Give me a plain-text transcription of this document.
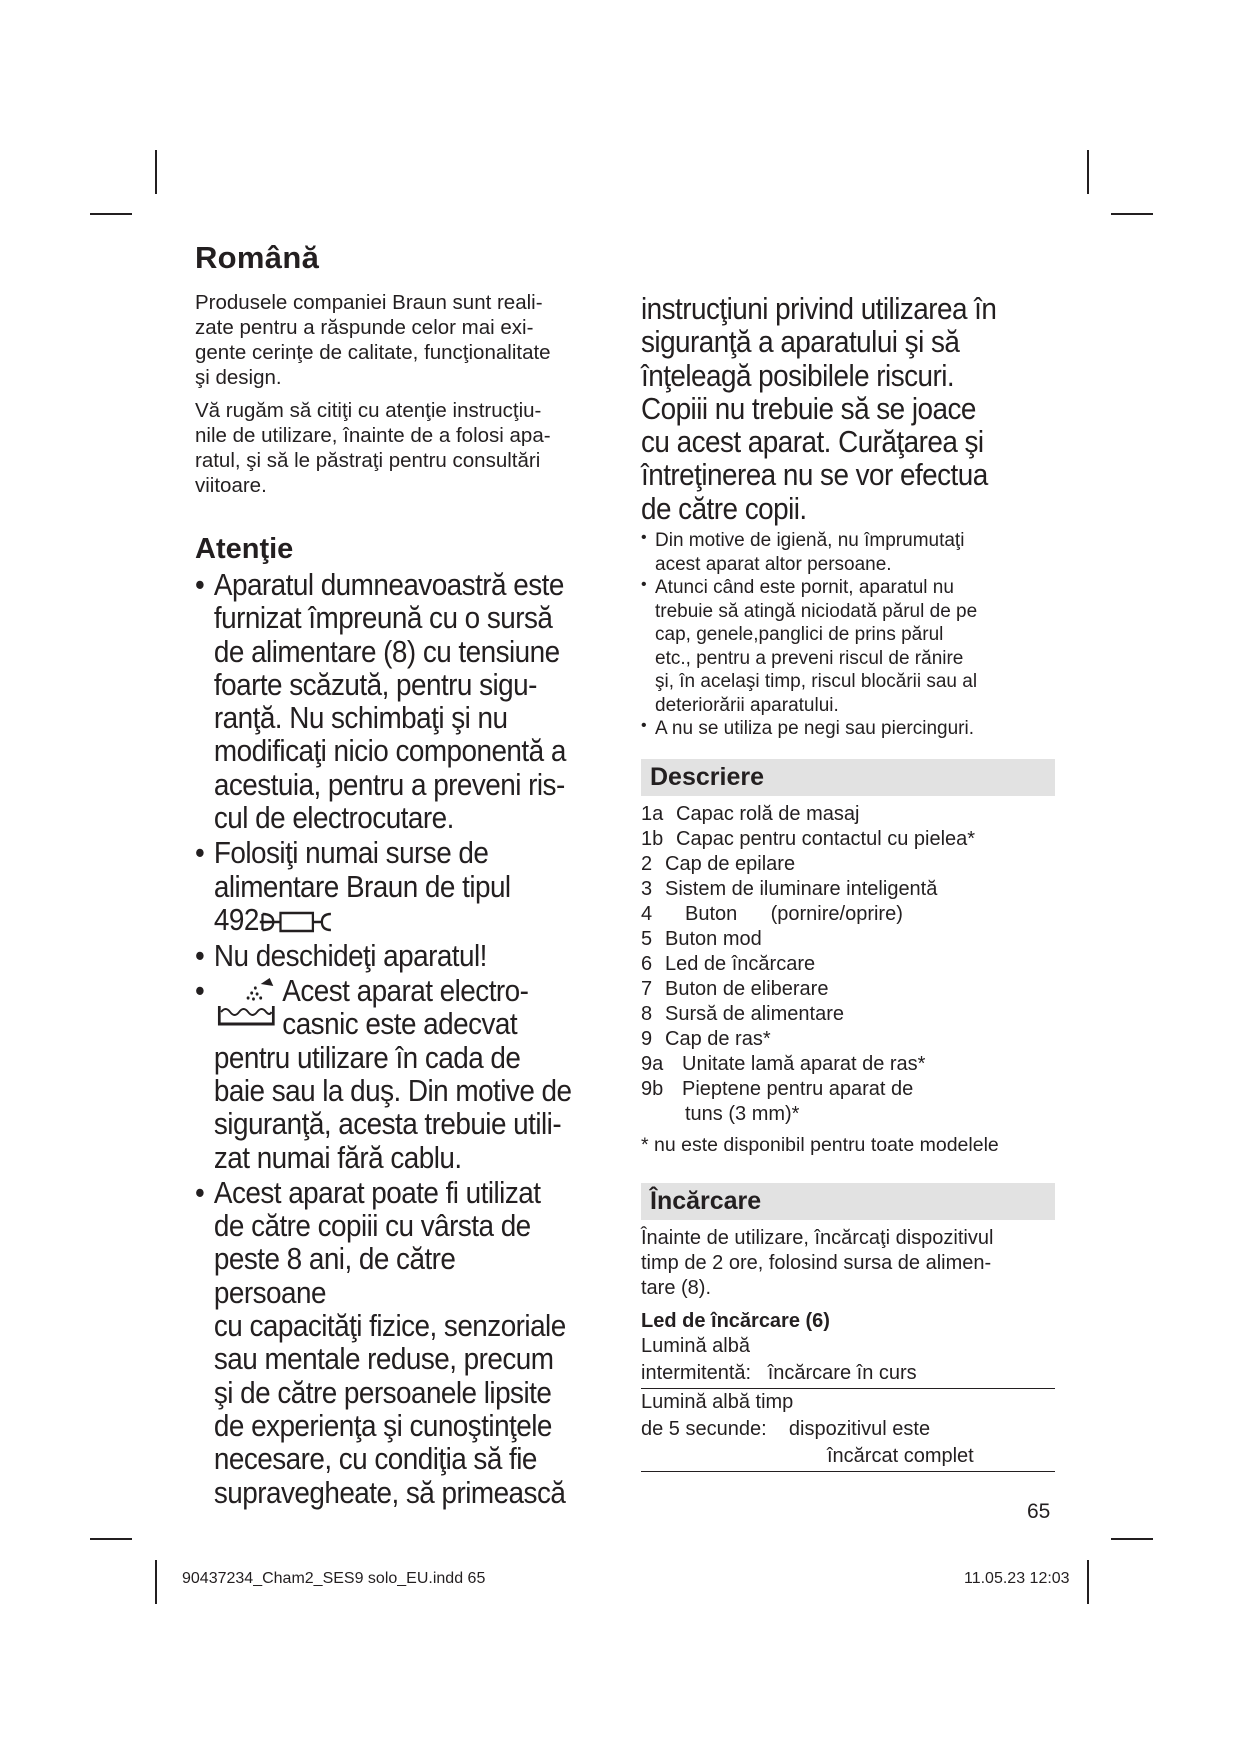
Română

Produsele companiei Braun sunt reali-
zate pentru a răspunde celor mai exi-
gente cerinţe de calitate, funcţionalitate
şi design.

Vă rugăm să citiţi cu atenţie instrucţiu-
nile de utilizare, înainte de a folosi apa-
ratul, şi să le păstraţi pentru consultări
viitoare.

Atenţie
• Aparatul dumneavoastră este
furnizat împreună cu o sursă
de alimentare (8) cu tensiune
foarte scăzută, pentru sigu-
ranţă. Nu schimbaţi şi nu
modificaţi nicio componentă a
acestuia, pentru a preveni ris-
cul de electrocutare.
• Folosiţi numai surse de
alimentare Braun de tipul
492
• Nu deschideţi aparatul!
•	Acest aparat electro-
casnic este adecvat
pentru utilizare în cada de
baie sau la duş. Din motive de
siguranţă, acesta trebuie utili-
zat numai fără cablu.
• Acest aparat poate fi utilizat
de către copiii cu vârsta de
peste 8 ani, de către persoane
cu capacităţi fizice, senzoriale
sau mentale reduse, precum
şi de către persoanele lipsite
de experienţa şi cunoştinţele
necesare, cu condiţia să fie
supravegheate, să primească
instrucţiuni privind utilizarea în
siguranţă a aparatului şi să
înţeleagă posibilele riscuri.
Copiii nu trebuie să se joace
cu acest aparat. Curăţarea şi
întreţinerea nu se vor efectua
de către copii.
• Din motive de igienă, nu împrumutaţi
acest aparat altor persoane.

• Atunci când este pornit, aparatul nu
trebuie să atingă niciodată părul de pe
cap, genele,panglici de prins părul
etc., pentru a preveni riscul de rănire
şi, în acelaşi timp, riscul blocării sau al
deteriorării aparatului.

• A nu se utiliza pe negi sau piercinguri.

Descriere
1a Capac rolă de masaj
1b Capac pentru contactul cu pielea*
2 Cap de epilare
3 Sistem de iluminare inteligentă
4	Buton      (pornire/oprire)
5 Buton mod
6 Led de încărcare
7 Buton de eliberare
8 Sursă de alimentare
9 Cap de ras*
9a Unitate lamă aparat de ras*
9b Pieptene pentru aparat de
tuns (3 mm)*
* nu este disponibil pentru toate modelele
Încărcare

Înainte de utilizare, încărcaţi dispozitivul
timp de 2 ore, folosind sursa de alimen-
tare (8).

Led de încărcare (6)
Lumină albă
intermitentă:   încărcare în curs
Lumină albă timp
de 5 secunde:    dispozitivul este
încărcat complet
65
90437234_Cham2_SES9 solo_EU.indd 65	11.05.23 12:03
